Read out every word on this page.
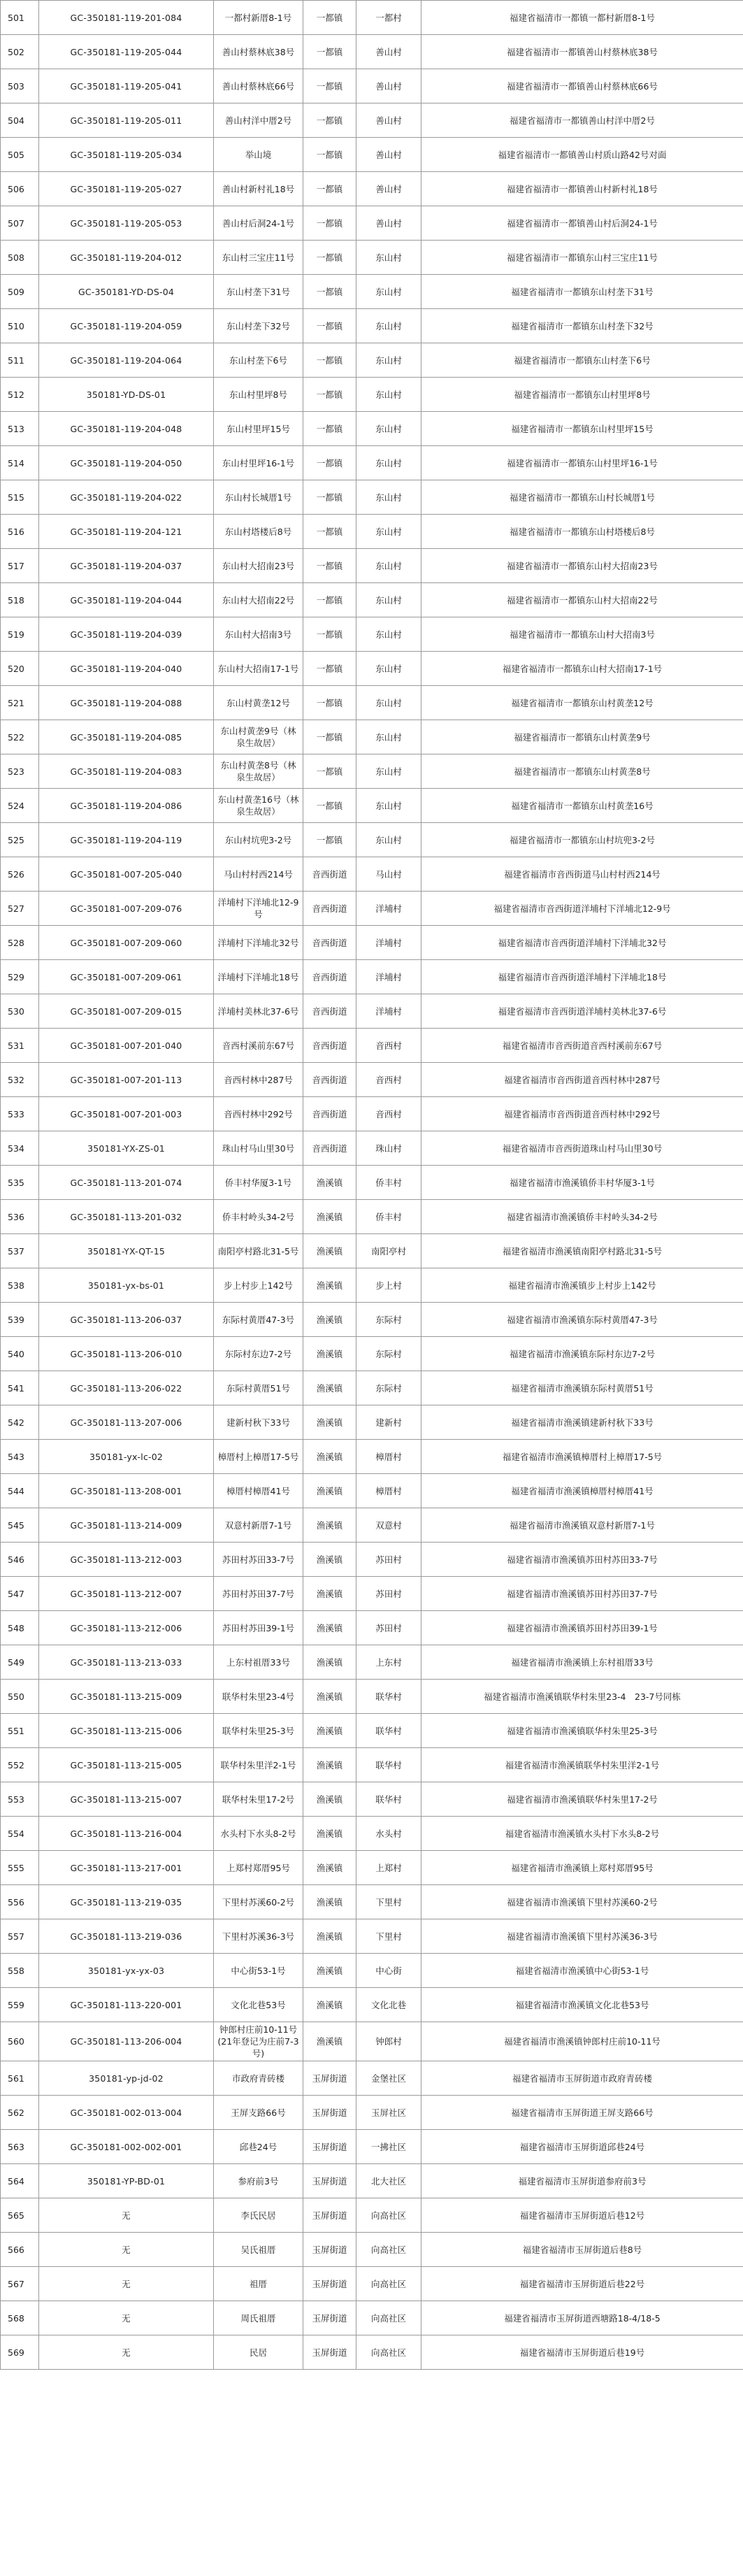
501	GC-350181-119-201-084	一都村新厝8-1号	一都镇	一都村	福建省福清市一都镇一都村新厝8-1号
502	GC-350181-119-205-044	善山村蔡林底38号	一都镇	善山村	福建省福清市一都镇善山村蔡林底38号
503	GC-350181-119-205-041	善山村蔡林底66号	一都镇	善山村	福建省福清市一都镇善山村蔡林底66号
504	GC-350181-119-205-011	善山村洋中厝2号	一都镇	善山村	福建省福清市一都镇善山村洋中厝2号
505	GC-350181-119-205-034	举山境	一都镇	善山村	福建省福清市一都镇善山村质山路42号对面
506	GC-350181-119-205-027	善山村新村礼18号	一都镇	善山村	福建省福清市一都镇善山村新村礼18号
507	GC-350181-119-205-053	善山村后洞24-1号	一都镇	善山村	福建省福清市一都镇善山村后洞24-1号
508	GC-350181-119-204-012	东山村三宝庄11号	一都镇	东山村	福建省福清市一都镇东山村三宝庄11号
509	GC-350181-YD-DS-04	东山村垄下31号	一都镇	东山村	福建省福清市一都镇东山村垄下31号
510	GC-350181-119-204-059	东山村垄下32号	一都镇	东山村	福建省福清市一都镇东山村垄下32号
511	GC-350181-119-204-064	东山村垄下6号	一都镇	东山村	福建省福清市一都镇东山村垄下6号
512	350181-YD-DS-01	东山村里坪8号	一都镇	东山村	福建省福清市一都镇东山村里坪8号
513	GC-350181-119-204-048	东山村里坪15号	一都镇	东山村	福建省福清市一都镇东山村里坪15号
514	GC-350181-119-204-050	东山村里坪16-1号	一都镇	东山村	福建省福清市一都镇东山村里坪16-1号
515	GC-350181-119-204-022	东山村长城厝1号	一都镇	东山村	福建省福清市一都镇东山村长城厝1号
516	GC-350181-119-204-121	东山村塔楼后8号	一都镇	东山村	福建省福清市一都镇东山村塔楼后8号
517	GC-350181-119-204-037	东山村大招南23号	一都镇	东山村	福建省福清市一都镇东山村大招南23号
518	GC-350181-119-204-044	东山村大招南22号	一都镇	东山村	福建省福清市一都镇东山村大招南22号
519	GC-350181-119-204-039	东山村大招南3号	一都镇	东山村	福建省福清市一都镇东山村大招南3号
520	GC-350181-119-204-040	东山村大招南17-1号	一都镇	东山村	福建省福清市一都镇东山村大招南17-1号
521	GC-350181-119-204-088	东山村黄垄12号	一都镇	东山村	福建省福清市一都镇东山村黄垄12号
522	GC-350181-119-204-085	东山村黄垄9号（林泉生故居）	一都镇	东山村	福建省福清市一都镇东山村黄垄9号
523	GC-350181-119-204-083	东山村黄垄8号（林泉生故居）	一都镇	东山村	福建省福清市一都镇东山村黄垄8号
524	GC-350181-119-204-086	东山村黄垄16号（林泉生故居）	一都镇	东山村	福建省福清市一都镇东山村黄垄16号
525	GC-350181-119-204-119	东山村坑兜3-2号	一都镇	东山村	福建省福清市一都镇东山村坑兜3-2号
526	GC-350181-007-205-040	马山村村西214号	音西街道	马山村	福建省福清市音西街道马山村村西214号
527	GC-350181-007-209-076	洋埔村下洋埔北12-9号	音西街道	洋埔村	福建省福清市音西街道洋埔村下洋埔北12-9号
528	GC-350181-007-209-060	洋埔村下洋埔北32号	音西街道	洋埔村	福建省福清市音西街道洋埔村下洋埔北32号
529	GC-350181-007-209-061	洋埔村下洋埔北18号	音西街道	洋埔村	福建省福清市音西街道洋埔村下洋埔北18号
530	GC-350181-007-209-015	洋埔村美林北37-6号	音西街道	洋埔村	福建省福清市音西街道洋埔村美林北37-6号
531	GC-350181-007-201-040	音西村溪前东67号	音西街道	音西村	福建省福清市音西街道音西村溪前东67号
532	GC-350181-007-201-113	音西村林中287号	音西街道	音西村	福建省福清市音西街道音西村林中287号
533	GC-350181-007-201-003	音西村林中292号	音西街道	音西村	福建省福清市音西街道音西村林中292号
534	350181-YX-ZS-01	珠山村马山里30号	音西街道	珠山村	福建省福清市音西街道珠山村马山里30号
535	GC-350181-113-201-074	侨丰村华厦3-1号	渔溪镇	侨丰村	福建省福清市渔溪镇侨丰村华厦3-1号
536	GC-350181-113-201-032	侨丰村岭头34-2号	渔溪镇	侨丰村	福建省福清市渔溪镇侨丰村岭头34-2号
537	350181-YX-QT-15	南阳亭村路北31-5号	渔溪镇	南阳亭村	福建省福清市渔溪镇南阳亭村路北31-5号
538	350181-yx-bs-01	步上村步上142号	渔溪镇	步上村	福建省福清市渔溪镇步上村步上142号
539	GC-350181-113-206-037	东际村黄厝47-3号	渔溪镇	东际村	福建省福清市渔溪镇东际村黄厝47-3号
540	GC-350181-113-206-010	东际村东边7-2号	渔溪镇	东际村	福建省福清市渔溪镇东际村东边7-2号
541	GC-350181-113-206-022	东际村黄厝51号	渔溪镇	东际村	福建省福清市渔溪镇东际村黄厝51号
542	GC-350181-113-207-006	建新村秋下33号	渔溪镇	建新村	福建省福清市渔溪镇建新村秋下33号
543	350181-yx-lc-02	樟厝村上樟厝17-5号	渔溪镇	樟厝村	福建省福清市渔溪镇樟厝村上樟厝17-5号
544	GC-350181-113-208-001	樟厝村樟厝41号	渔溪镇	樟厝村	福建省福清市渔溪镇樟厝村樟厝41号
545	GC-350181-113-214-009	双意村新厝7-1号	渔溪镇	双意村	福建省福清市渔溪镇双意村新厝7-1号
546	GC-350181-113-212-003	苏田村苏田33-7号	渔溪镇	苏田村	福建省福清市渔溪镇苏田村苏田33-7号
547	GC-350181-113-212-007	苏田村苏田37-7号	渔溪镇	苏田村	福建省福清市渔溪镇苏田村苏田37-7号
548	GC-350181-113-212-006	苏田村苏田39-1号	渔溪镇	苏田村	福建省福清市渔溪镇苏田村苏田39-1号
549	GC-350181-113-213-033	上东村祖厝33号	渔溪镇	上东村	福建省福清市渔溪镇上东村祖厝33号
550	GC-350181-113-215-009	联华村朱里23-4号	渔溪镇	联华村	福建省福清市渔溪镇联华村朱里23-4　23-7号同栋
551	GC-350181-113-215-006	联华村朱里25-3号	渔溪镇	联华村	福建省福清市渔溪镇联华村朱里25-3号
552	GC-350181-113-215-005	联华村朱里洋2-1号	渔溪镇	联华村	福建省福清市渔溪镇联华村朱里洋2-1号
553	GC-350181-113-215-007	联华村朱里17-2号	渔溪镇	联华村	福建省福清市渔溪镇联华村朱里17-2号
554	GC-350181-113-216-004	水头村下水头8-2号	渔溪镇	水头村	福建省福清市渔溪镇水头村下水头8-2号
555	GC-350181-113-217-001	上郑村郑厝95号	渔溪镇	上郑村	福建省福清市渔溪镇上郑村郑厝95号
556	GC-350181-113-219-035	下里村苏溪60-2号	渔溪镇	下里村	福建省福清市渔溪镇下里村苏溪60-2号
557	GC-350181-113-219-036	下里村苏溪36-3号	渔溪镇	下里村	福建省福清市渔溪镇下里村苏溪36-3号
558	350181-yx-yx-03	中心街53-1号	渔溪镇	中心街	福建省福清市渔溪镇中心街53-1号
559	GC-350181-113-220-001	文化北巷53号	渔溪镇	文化北巷	福建省福清市渔溪镇文化北巷53号
560	GC-350181-113-206-004	钟郎村庄前10-11号(21年登记为庄前7-3号)	渔溪镇	钟郎村	福建省福清市渔溪镇钟郎村庄前10-11号
561	350181-yp-jd-02	市政府青砖楼	玉屏街道	金堡社区	福建省福清市玉屏街道市政府青砖楼
562	GC-350181-002-013-004	王屏支路66号	玉屏街道	玉屏社区	福建省福清市玉屏街道王屏支路66号
563	GC-350181-002-002-001	邱巷24号	玉屏街道	一拂社区	福建省福清市玉屏街道邱巷24号
564	350181-YP-BD-01	参府前3号	玉屏街道	北大社区	福建省福清市玉屏街道参府前3号
565	无	李氏民居	玉屏街道	向高社区	福建省福清市玉屏街道后巷12号
566	无	吴氏祖厝	玉屏街道	向高社区	福建省福清市玉屏街道后巷8号
567	无	祖厝	玉屏街道	向高社区	福建省福清市玉屏街道后巷22号
568	无	周氏祖厝	玉屏街道	向高社区	福建省福清市玉屏街道西塘路18-4/18-5
569	无	民居	玉屏街道	向高社区	福建省福清市玉屏街道后巷19号
